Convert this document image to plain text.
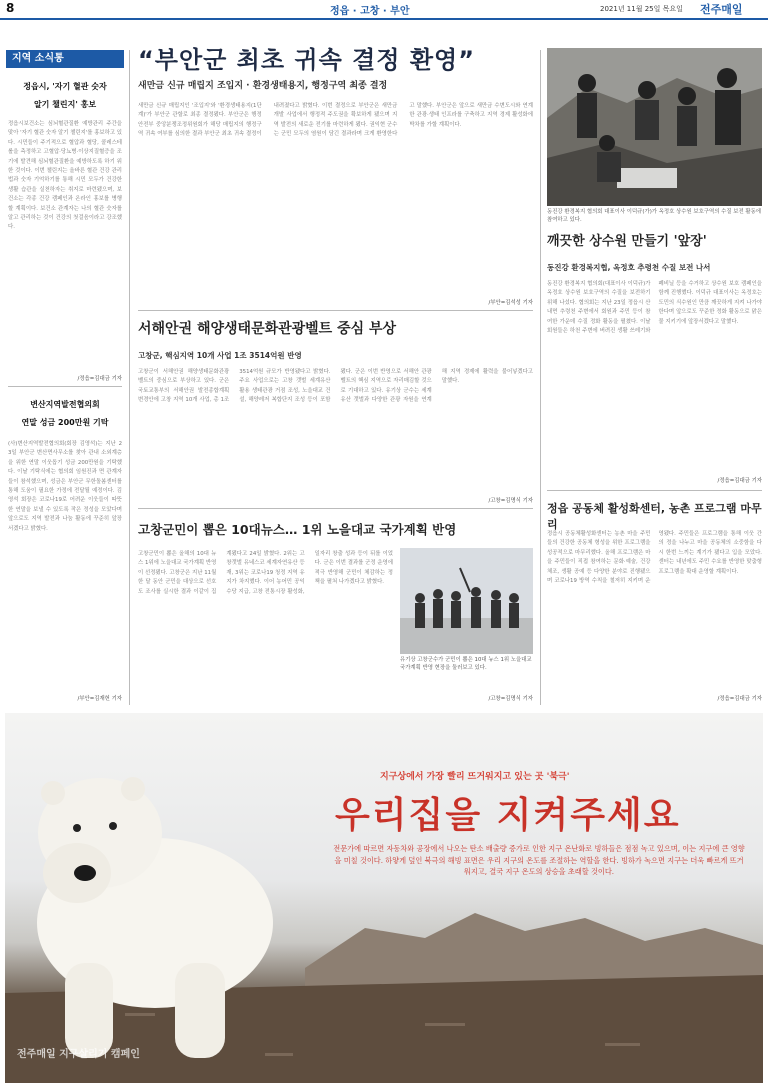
8	정읍 · 고창 · 부안	2021년 11월 25일 목요일 전주매일
지역 소식통
정읍시, '자기 혈관 숫자
알기 챌린지' 홍보
정읍시보건소는 심뇌혈관질환 예방관리 주간을 맞아 '자기 혈관 숫자 알기 챌린지'를 홍보하고 있다. 시민들이 주기적으로 혈압과 혈당, 콜레스테롤을 측정하고 고혈압·당뇨병·이상지질혈증을 조기에 발견해 심뇌혈관질환을 예방하도록 하기 위한 것이다. 이번 챌린지는 올바른 혈관 건강 관리법과 숫자 기억하기를 통해 시민 모두가 건강한 생활 습관을 실천하자는 취지로 마련됐으며, 보건소는 각종 건강 캠페인과 온라인 홍보를 병행할 계획이다. 보건소 관계자는 나의 혈관 숫자를 알고 관리하는 것이 건강의 첫걸음이라고 강조했다.
/정읍=김대금 기자
변산지역발전협의회
연말 성금 200만원 기탁
(사)변산지역발전협의회(회장 김영석)는 지난 23일 부안군 변산면사무소를 찾아 관내 소외계층을 위한 연말 이웃돕기 성금 200만원을 기탁했다. 이날 기탁식에는 협의회 임원진과 면 관계자들이 참석했으며, 성금은 부안군 무한돌봄센터를 통해 도움이 필요한 가정에 전달될 예정이다. 김영석 회장은 코로나19로 어려운 이웃들이 따뜻한 연말을 보낼 수 있도록 작은 정성을 모았다며 앞으로도 지역 발전과 나눔 활동에 꾸준히 앞장서겠다고 밝혔다.
/부안=김재헌 기자
“부안군 최초 귀속 결정 환영”
새만금 신규 매립지 조입지 · 환경생태용지, 행정구역 최종 결정
새만금 신규 매립지인 '조입지'와 '환경생태용지(1단계)'가 부안군 관할로 최종 결정됐다. 부안군은 행정안전부 중앙분쟁조정위원회가 해당 매립지의 행정구역 귀속 여부를 심의한 결과 부안군 최초 귀속 결정이 내려졌다고 밝혔다. 이번 결정으로 부안군은 새만금 개발 사업에서 행정적 주도권을 확보하게 됐으며 지역 발전의 새로운 전기를 마련하게 됐다. 권익현 군수는 군민 모두의 염원이 담긴 결과라며 크게 환영한다고 말했다. 부안군은 앞으로 새만금 수변도시와 연계한 관광·생태 인프라를 구축하고 지역 경제 활성화에 박차를 가할 계획이다.
/부안=김석성 기자
동진강 환경복지 협의회 대표이사 이덕규(가)가 옥정호 상수원 보호구역의 수질 보전 활동에 참여하고 있다.
깨끗한 상수원 만들기 '앞장'
동진강 환경복지협, 옥정호 추령천 수질 보전 나서
동진강 환경복지 협의회(대표이사 이덕규)가 옥정호 상수원 보호구역의 수질을 보전하기 위해 나섰다. 협의회는 지난 23일 정읍시 산내면 추령천 주변에서 회원과 주민 등이 참여한 가운데 수질 정화 활동을 펼쳤다. 이날 회원들은 하천 주변에 버려진 생활 쓰레기와 폐비닐 등을 수거하고 상수원 보호 캠페인을 함께 진행했다. 이덕규 대표이사는 옥정호는 도민의 식수원인 만큼 깨끗하게 지켜 나가야 한다며 앞으로도 꾸준한 정화 활동으로 맑은 물 지키기에 앞장서겠다고 말했다.
/정읍=김대금 기자
서해안권 해양생태문화관광벨트 중심 부상
고창군, 핵심지역 10개 사업 1조 3514억원 반영
고창군이 서해안권 해양생태문화관광벨트의 중심으로 부상하고 있다. 군은 국토교통부의 서해안권 발전종합계획 변경안에 고창 지역 10개 사업, 총 1조 3514억원 규모가 반영됐다고 밝혔다. 주요 사업으로는 고창 갯벌 세계유산 활용 생태관광 거점 조성, 노을대교 건설, 해양레저 복합단지 조성 등이 포함됐다. 군은 이번 반영으로 서해안 관광 벨트의 핵심 지역으로 자리매김할 것으로 기대하고 있다. 유기상 군수는 세계유산 갯벌과 다양한 관광 자원을 연계해 지역 경제에 활력을 불어넣겠다고 말했다.
/고창=김명식 기자
고창군민이 뽑은 10대뉴스… 1위 노을대교 국가계획 반영
고창군민이 뽑은 올해의 10대 뉴스 1위에 노을대교 국가계획 반영이 선정됐다. 고창군은 지난 11월 한 달 동안 군민을 대상으로 선호도 조사를 실시한 결과 이같이 집계됐다고 24일 밝혔다. 2위는 고창갯벌 유네스코 세계자연유산 등재, 3위는 코로나19 청정 지역 유지가 차지했다. 이어 농어민 공익수당 지급, 고창 전통시장 활성화, 일자리 창출 성과 등이 뒤를 이었다. 군은 이번 결과를 군정 운영에 적극 반영해 군민이 체감하는 정책을 펼쳐 나가겠다고 밝혔다.
유기상 고창군수가 군민이 뽑은 10대 뉴스 1위 노을대교 국가계획 반영 현장을 둘러보고 있다.
/고창=김명식 기자
정읍 공동체 활성화센터, 농촌 프로그램 마무리
정읍시 공동체활성화센터는 농촌 마을 주민들의 건강한 공동체 형성을 위한 프로그램을 성공적으로 마무리했다. 올해 프로그램은 마을 주민들이 직접 참여하는 문화·예술, 건강 체조, 생활 공예 등 다양한 분야로 진행됐으며 코로나19 방역 수칙을 철저히 지키며 운영됐다. 주민들은 프로그램을 통해 이웃 간의 정을 나누고 마을 공동체의 소중함을 다시 한번 느끼는 계기가 됐다고 입을 모았다. 센터는 내년에도 주민 수요를 반영한 맞춤형 프로그램을 확대 운영할 계획이다.
/정읍=김대금 기자
지구상에서 가장 빨리 뜨거워지고 있는 곳 '북극'
우리집을 지켜주세요
전문가에 따르면 자동차와 공장에서 나오는 탄소 배출량 증가로 인한 지구 온난화로 빙하들은 점점 녹고 있으며, 이는 지구에 큰 영향을 미칠 것이다. 하얗게 덮인 북극의 해빙 표면은 우리 지구의 온도를 조절하는 역할을 한다. 빙하가 녹으면 지구는 더욱 빠르게 뜨거워지고, 결국 지구 온도의 상승을 초래할 것이다.
전주매일 지구살리기 캠페인
